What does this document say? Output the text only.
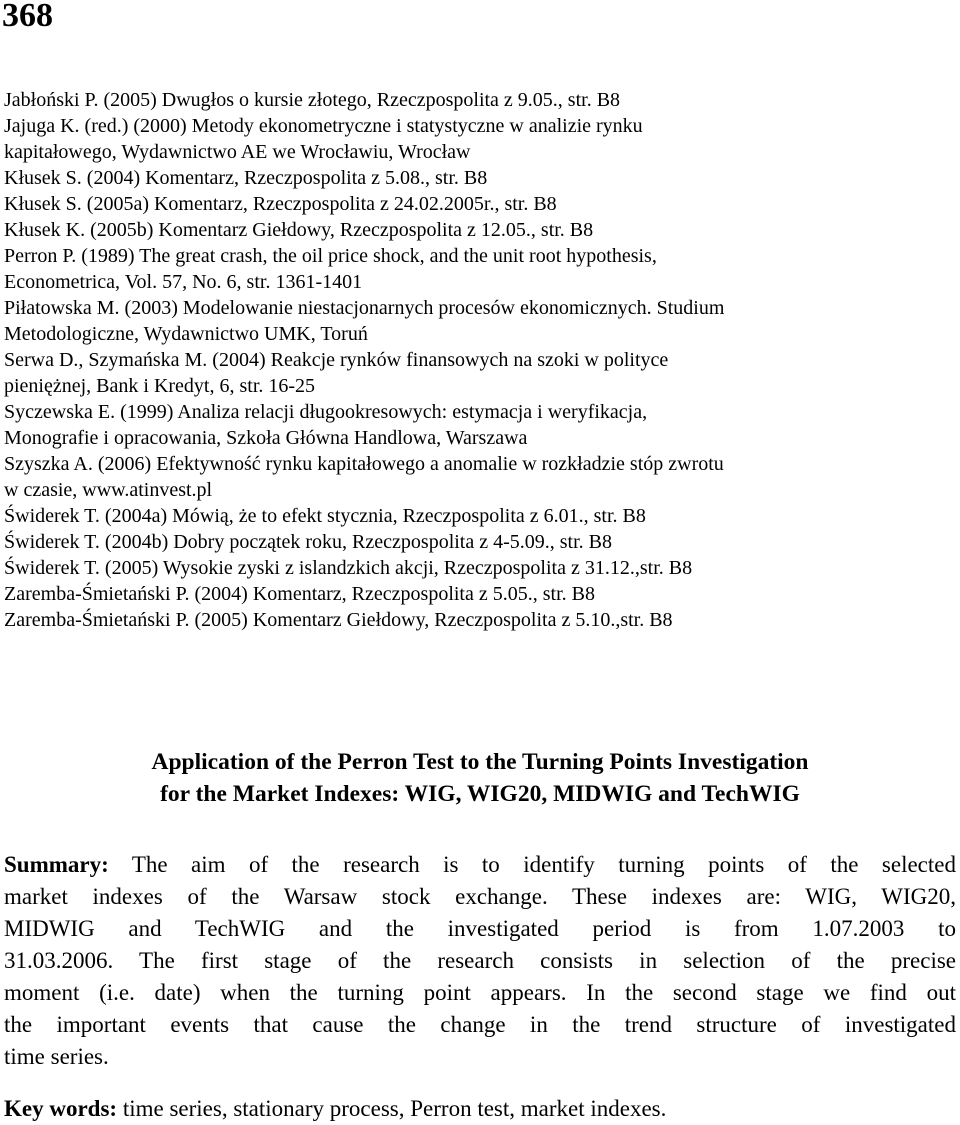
368
Jabłoński P. (2005) Dwugłos o kursie złotego, Rzeczpospolita z 9.05., str. B8
Jajuga K. (red.) (2000) Metody ekonometryczne i statystyczne w analizie rynku
kapitałowego, Wydawnictwo AE we Wrocławiu, Wrocław
Kłusek S. (2004) Komentarz, Rzeczpospolita z 5.08., str. B8
Kłusek S. (2005a) Komentarz, Rzeczpospolita z 24.02.2005r., str. B8
Kłusek K. (2005b) Komentarz Giełdowy, Rzeczpospolita z 12.05., str. B8
Perron P. (1989) The great crash, the oil price shock, and the unit root hypothesis,
Econometrica, Vol. 57, No. 6, str. 1361-1401
Piłatowska M. (2003) Modelowanie niestacjonarnych procesów ekonomicznych. Studium
Metodologiczne, Wydawnictwo UMK, Toruń
Serwa D., Szymańska M. (2004) Reakcje rynków finansowych na szoki w polityce
pieniężnej, Bank i Kredyt, 6, str. 16-25
Syczewska E. (1999) Analiza relacji długookresowych: estymacja i weryfikacja,
Monografie i opracowania, Szkoła Główna Handlowa, Warszawa
Szyszka A. (2006) Efektywność rynku kapitałowego a anomalie w rozkładzie stóp zwrotu
w czasie, www.atinvest.pl
Świderek T. (2004a) Mówią, że to efekt stycznia, Rzeczpospolita z 6.01., str. B8
Świderek T. (2004b) Dobry początek roku, Rzeczpospolita z 4-5.09., str. B8
Świderek T. (2005) Wysokie zyski z islandzkich akcji, Rzeczpospolita z 31.12.,str. B8
Zaremba-Śmietański P. (2004) Komentarz, Rzeczpospolita z 5.05., str. B8
Zaremba-Śmietański P. (2005) Komentarz Giełdowy, Rzeczpospolita z 5.10.,str. B8
Application of the Perron Test to the Turning Points Investigation
for the Market Indexes: WIG, WIG20, MIDWIG and TechWIG

Summary: The aim of the research is to identify turning points of the selected
market indexes of the Warsaw stock exchange. These indexes are: WIG, WIG20,
MIDWIG and TechWIG and the investigated period is from 1.07.2003 to
31.03.2006. The first stage of the research consists in selection of the precise
moment (i.e. date) when the turning point appears. In the second stage we find out
the important events that cause the change in the trend structure of investigated
time series.

Key words: time series, stationary process, Perron test, market indexes.
